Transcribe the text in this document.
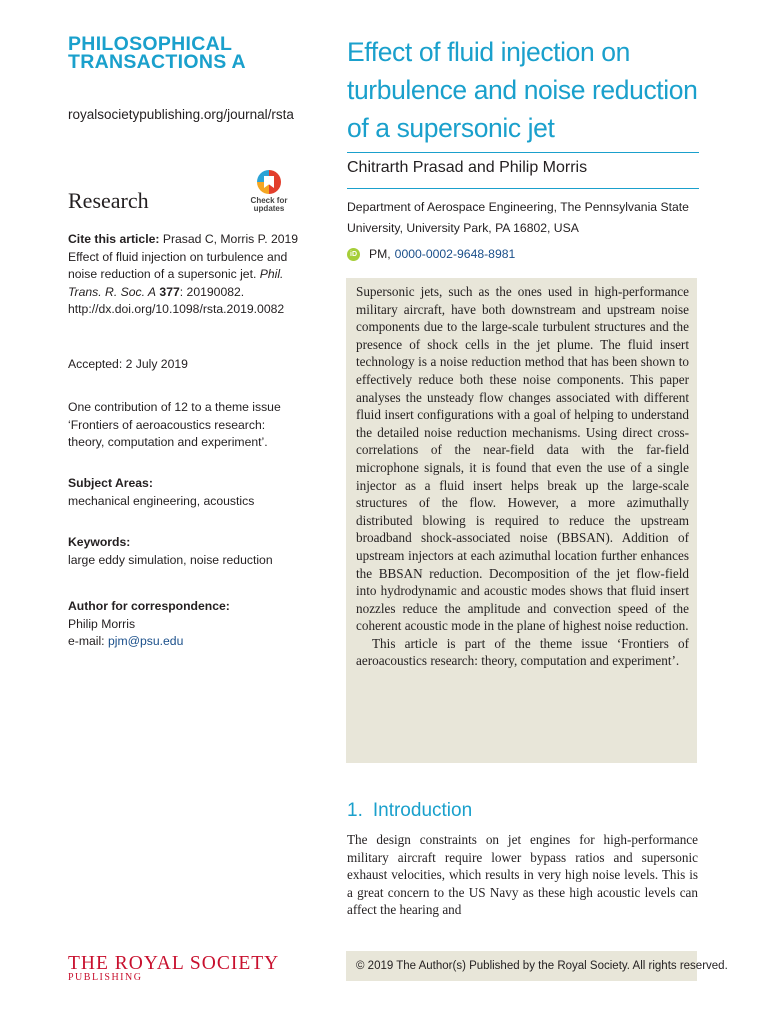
PHILOSOPHICAL
TRANSACTIONS A
royalsocietypublishing.org/journal/rsta
Research	Check for
updates
Cite this article: Prasad C, Morris P. 2019 Effect of fluid injection on turbulence and noise reduction of a supersonic jet. Phil. Trans. R. Soc. A 377: 20190082. http://dx.doi.org/10.1098/rsta.2019.0082
Accepted: 2 July 2019
One contribution of 12 to a theme issue ‘Frontiers of aeroacoustics research: theory, computation and experiment’.
Subject Areas:
mechanical engineering, acoustics
Keywords:
large eddy simulation, noise reduction
Author for correspondence:
Philip Morris
e-mail: pjm@psu.edu
THE ROYAL SOCIETY
PUBLISHING
Effect of fluid injection on turbulence and noise reduction of a supersonic jet
Chitrarth Prasad and Philip Morris
Department of Aerospace Engineering, The Pennsylvania State University, University Park, PA 16802, USA
iD PM, 0000-0002-9648-8981

Supersonic jets, such as the ones used in high-performance military aircraft, have both downstream and upstream noise components due to the large-scale turbulent structures and the presence of shock cells in the jet plume. The fluid insert technology is a noise reduction method that has been shown to effectively reduce both these noise components. This paper analyses the unsteady flow changes associated with different fluid insert configurations with a goal of helping to understand the detailed noise reduction mechanisms. Using direct cross-correlations of the near-field data with the far-field microphone signals, it is found that even the use of a single injector as a fluid insert helps break up the large-scale structures of the flow. However, a more azimuthally distributed blowing is required to reduce the upstream broadband shock-associated noise (BBSAN). Addition of upstream injectors at each azimuthal location further enhances the BBSAN reduction. Decomposition of the jet flow-field into hydrodynamic and acoustic modes shows that fluid insert nozzles reduce the amplitude and convection speed of the coherent acoustic mode in the plane of highest noise reduction.

This article is part of the theme issue ‘Frontiers of aeroacoustics research: theory, computation and experiment’.

1. Introduction
The design constraints on jet engines for high-performance military aircraft require lower bypass ratios and supersonic exhaust velocities, which results in very high noise levels. This is a great concern to the US Navy as these high acoustic levels can affect the hearing and
© 2019 The Author(s) Published by the Royal Society. All rights reserved.
